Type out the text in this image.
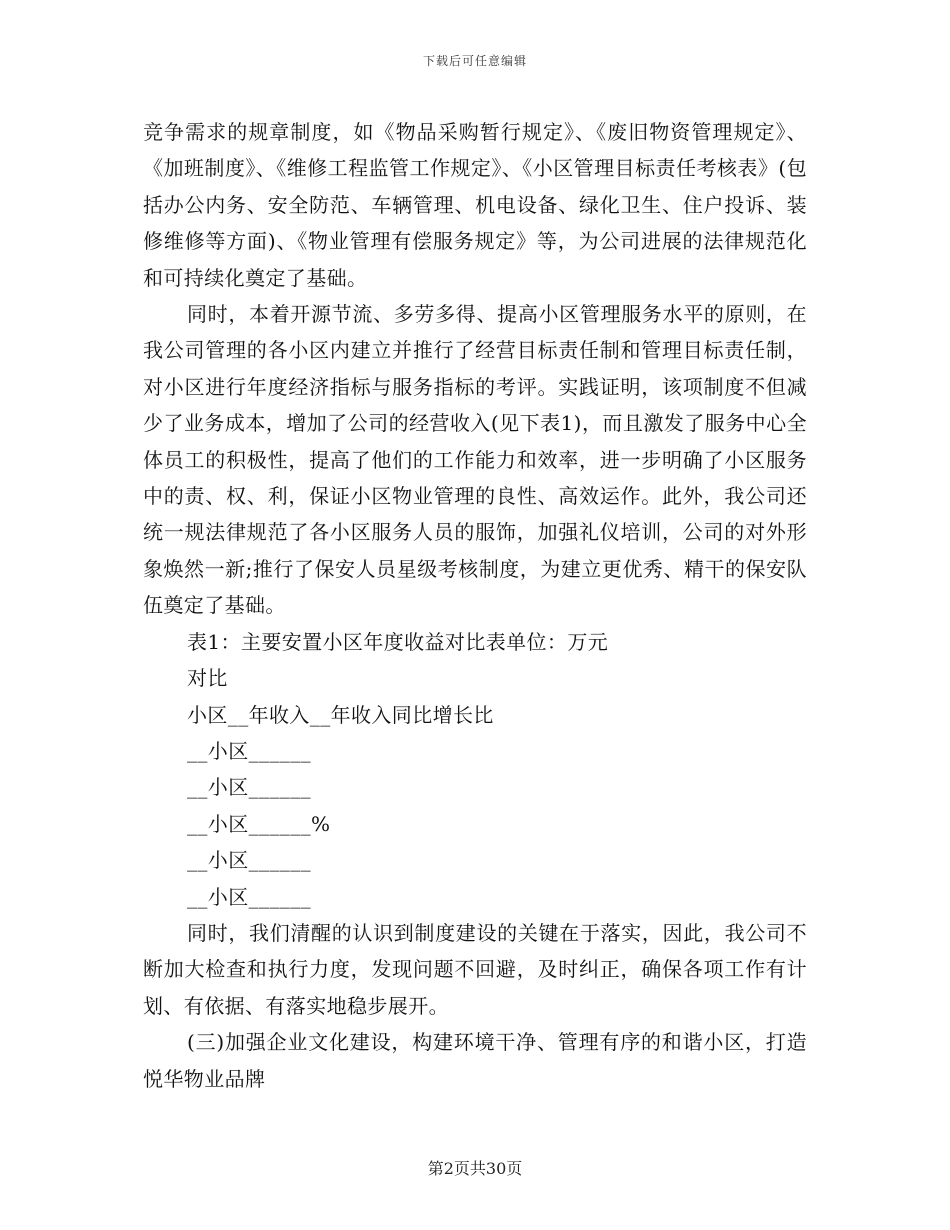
下载后可任意编辑

竞争需求的规章制度，如《物品采购暂行规定》、《废旧物资管理规定》、《加班制度》、《维修工程监管工作规定》、《小区管理目标责任考核表》(包括办公内务、安全防范、车辆管理、机电设备、绿化卫生、住户投诉、装修维修等方面)、《物业管理有偿服务规定》等，为公司进展的法律规范化和可持续化奠定了基础。

同时，本着开源节流、多劳多得、提高小区管理服务水平的原则，在我公司管理的各小区内建立并推行了经营目标责任制和管理目标责任制，对小区进行年度经济指标与服务指标的考评。实践证明，该项制度不但减少了业务成本，增加了公司的经营收入(见下表1)，而且激发了服务中心全体员工的积极性，提高了他们的工作能力和效率，进一步明确了小区服务中的责、权、利，保证小区物业管理的良性、高效运作。此外，我公司还统一规法律规范了各小区服务人员的服饰，加强礼仪培训，公司的对外形象焕然一新;推行了保安人员星级考核制度，为建立更优秀、精干的保安队伍奠定了基础。

表1：主要安置小区年度收益对比表单位：万元

对比

小区__年收入__年收入同比增长比

__小区______

__小区______

__小区______%

__小区______

__小区______

同时，我们清醒的认识到制度建设的关键在于落实，因此，我公司不断加大检查和执行力度，发现问题不回避，及时纠正，确保各项工作有计划、有依据、有落实地稳步展开。

(三)加强企业文化建设，构建环境干净、管理有序的和谐小区，打造悦华物业品牌

第2页共30页
